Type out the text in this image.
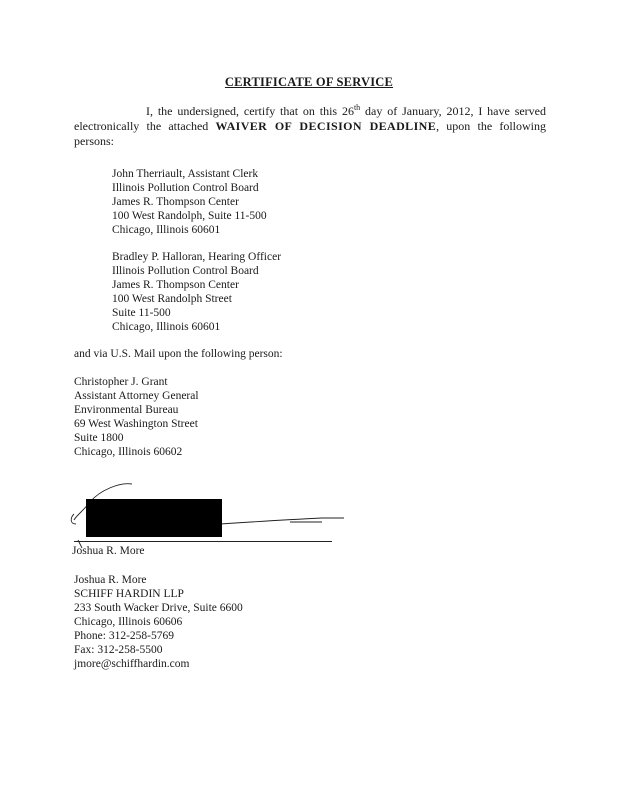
CERTIFICATE OF SERVICE
I, the undersigned, certify that on this 26th day of January, 2012, I have served electronically the attached WAIVER OF DECISION DEADLINE, upon the following persons:
John Therriault, Assistant Clerk
Illinois Pollution Control Board
James R. Thompson Center
100 West Randolph, Suite 11-500
Chicago, Illinois 60601
Bradley P. Halloran, Hearing Officer
Illinois Pollution Control Board
James R. Thompson Center
100 West Randolph Street
Suite 11-500
Chicago, Illinois 60601
and via U.S. Mail upon the following person:
Christopher J. Grant
Assistant Attorney General
Environmental Bureau
69 West Washington Street
Suite 1800
Chicago, Illinois 60602
Joshua R. More
Joshua R. More
SCHIFF HARDIN LLP
233 South Wacker Drive, Suite 6600
Chicago, Illinois 60606
Phone: 312-258-5769
Fax: 312-258-5500
jmore@schiffhardin.com
